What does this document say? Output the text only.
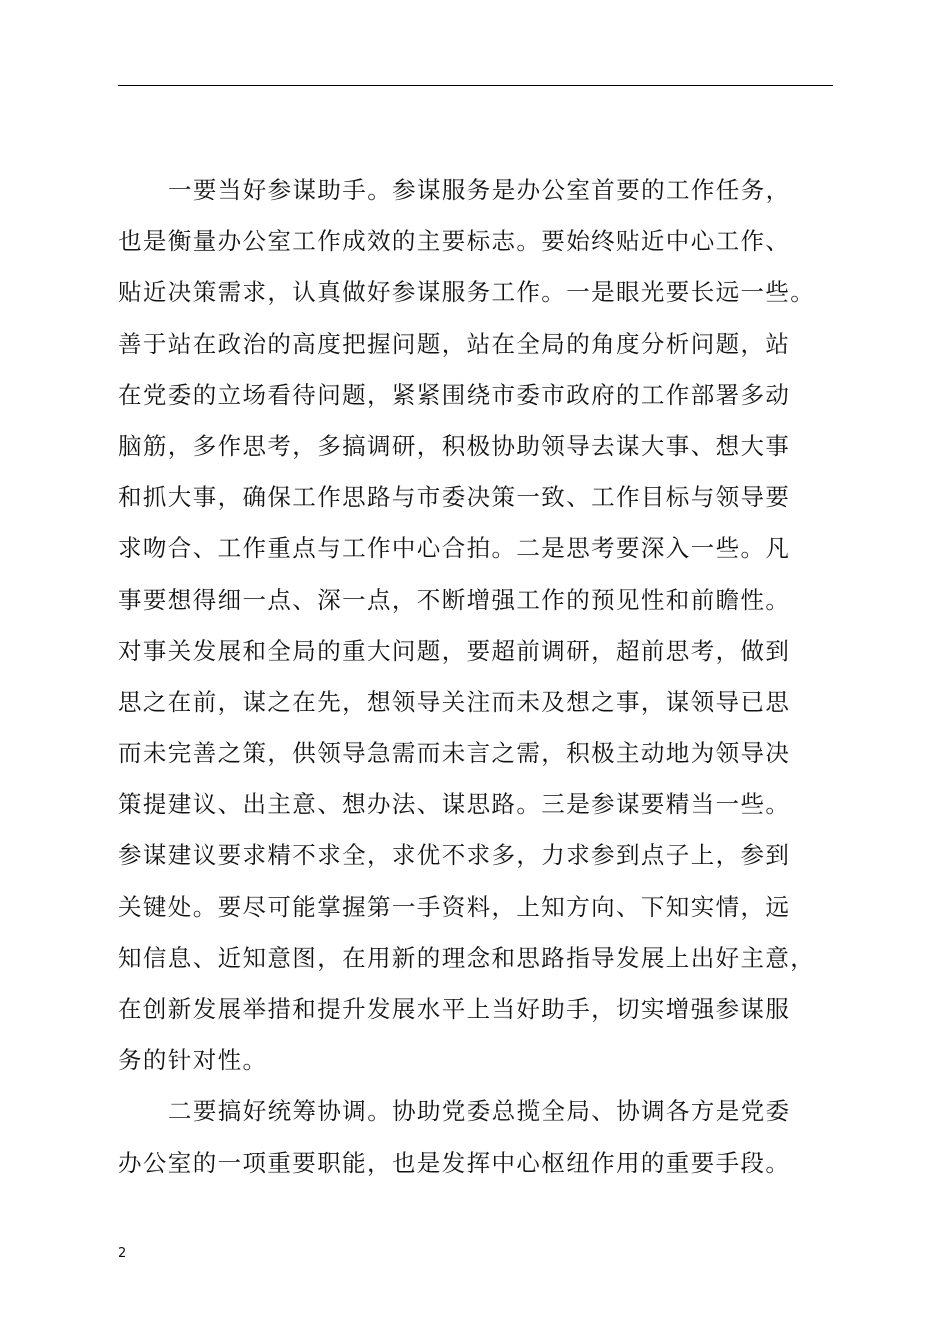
一要当好参谋助手。参谋服务是办公室首要的工作任务，
也是衡量办公室工作成效的主要标志。要始终贴近中心工作、
贴近决策需求，认真做好参谋服务工作。一是眼光要长远一些。
善于站在政治的高度把握问题，站在全局的角度分析问题，站
在党委的立场看待问题，紧紧围绕市委市政府的工作部署多动
脑筋，多作思考，多搞调研，积极协助领导去谋大事、想大事
和抓大事，确保工作思路与市委决策一致、工作目标与领导要
求吻合、工作重点与工作中心合拍。二是思考要深入一些。凡
事要想得细一点、深一点，不断增强工作的预见性和前瞻性。
对事关发展和全局的重大问题，要超前调研，超前思考，做到
思之在前，谋之在先，想领导关注而未及想之事，谋领导已思
而未完善之策，供领导急需而未言之需，积极主动地为领导决
策提建议、出主意、想办法、谋思路。三是参谋要精当一些。
参谋建议要求精不求全，求优不求多，力求参到点子上，参到
关键处。要尽可能掌握第一手资料，上知方向、下知实情，远
知信息、近知意图，在用新的理念和思路指导发展上出好主意，
在创新发展举措和提升发展水平上当好助手，切实增强参谋服
务的针对性。
二要搞好统筹协调。协助党委总揽全局、协调各方是党委
办公室的一项重要职能，也是发挥中心枢纽作用的重要手段。
2
